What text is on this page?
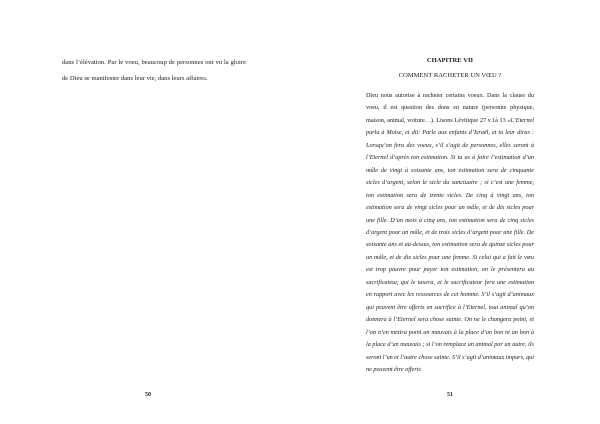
dans l’élévation. Par le voeu, beaucoup de personnes ont vu la gloire de Dieu se manifester dans leur vie, dans leurs affaires.

CHAPITRE VII
COMMENT RACHETER UN VŒU ?

Dieu nous autorise à racheter certains voeux. Dans la clause du voeu, il est question des dons en nature (personne physique, maison, animal, voiture…). Lisons Lévitique 27 v.1à 13 «L’Eternel parla à Moïse, et dit: Parle aux enfants d’Israël, et tu leur diras : Lorsqu’on fera des voeux, s’il s’agit de personnes, elles seront à l’Eternel d’après ton estimation. Si tu as à faire l’estimation d’un mâle de vingt à soixante ans, ton estimation sera de cinquante sicles d’argent, selon le sicle du sanctuaire ; si c’est une femme, ton estimation sera de trente sicles. De cinq à vingt ans, ton estimation sera de vingt sicles pour un mâle, et de dix sicles pour une fille. D’un mois à cinq ans, ton estimation sera de cinq sicles d’argent pour un mâle, et de trois sicles d’argent pour une fille. De soixante ans et au-dessus, ton estimation sera de quinze sicles pour un mâle, et de dix sicles pour une femme. Si celui qui a fait le vœu est trop pauvre pour payer ton estimation, on le présentera au sacrificateur, qui le taxera, et le sacrificateur fera une estimation en rapport avec les ressources de cet homme. S’il s’agit d’animaux qui peuvent être offerts en sacrifice à l’Eternel, tout animal qu’on donnera à l’Eternel sera chose sainte. On ne le changera point, et l’on n’en mettra point un mauvais à la place d’un bon ni un bon à la place d’un mauvais ; si l’on remplace un animal par un autre, ils seront l’un et l’autre chose sainte. S’il s’agit d’animaux impurs, qui ne peuvent être offerts

50	51
